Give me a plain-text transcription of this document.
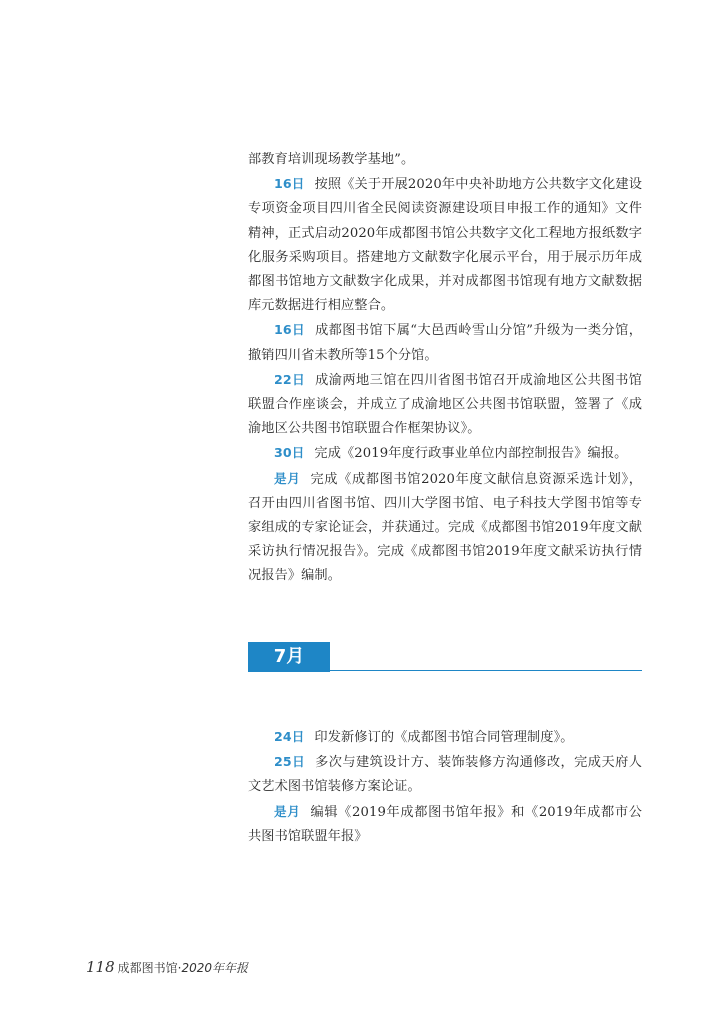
部教育培训现场教学基地”。

16日 按照《关于开展2020年中央补助地方公共数字文化建设专项资金项目四川省全民阅读资源建设项目申报工作的通知》文件精神，正式启动2020年成都图书馆公共数字文化工程地方报纸数字化服务采购项目。搭建地方文献数字化展示平台，用于展示历年成都图书馆地方文献数字化成果，并对成都图书馆现有地方文献数据库元数据进行相应整合。

16日 成都图书馆下属“大邑西岭雪山分馆”升级为一类分馆，撤销四川省未教所等15个分馆。

22日 成渝两地三馆在四川省图书馆召开成渝地区公共图书馆联盟合作座谈会，并成立了成渝地区公共图书馆联盟，签署了《成渝地区公共图书馆联盟合作框架协议》。

30日 完成《2019年度行政事业单位内部控制报告》编报。

是月 完成《成都图书馆2020年度文献信息资源采选计划》，召开由四川省图书馆、四川大学图书馆、电子科技大学图书馆等专家组成的专家论证会，并获通过。完成《成都图书馆2019年度文献采访执行情况报告》。完成《成都图书馆2019年度文献采访执行情况报告》编制。

7月

24日 印发新修订的《成都图书馆合同管理制度》。

25日 多次与建筑设计方、装饰装修方沟通修改，完成天府人文艺术图书馆装修方案论证。

是月 编辑《2019年成都图书馆年报》和《2019年成都市公共图书馆联盟年报》

118 成都图书馆·2020年年报
